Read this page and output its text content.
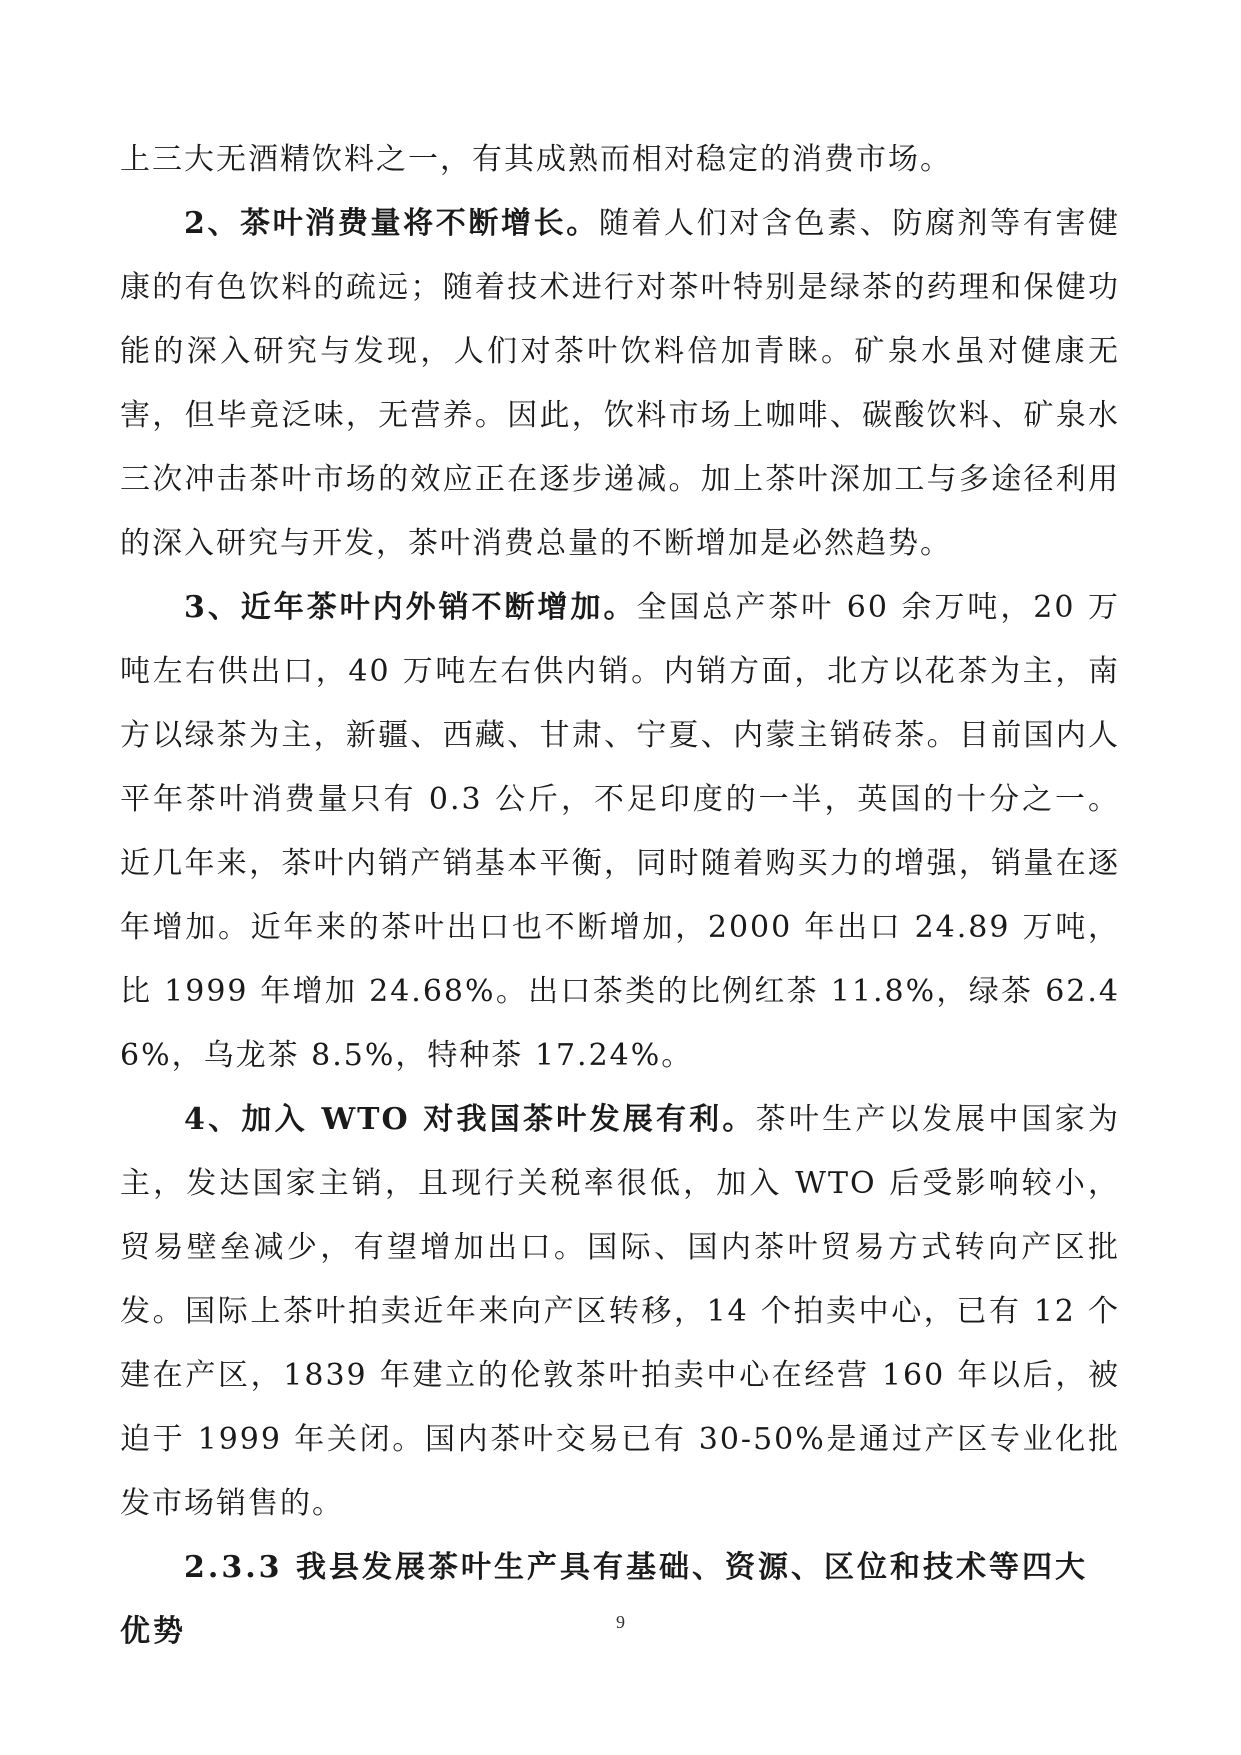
上三大无酒精饮料之一，有其成熟而相对稳定的消费市场。

2、茶叶消费量将不断增长。随着人们对含色素、防腐剂等有害健康的有色饮料的疏远；随着技术进行对茶叶特别是绿茶的药理和保健功能的深入研究与发现，人们对茶叶饮料倍加青睐。矿泉水虽对健康无害，但毕竟泛味，无营养。因此，饮料市场上咖啡、碳酸饮料、矿泉水三次冲击茶叶市场的效应正在逐步递减。加上茶叶深加工与多途径利用的深入研究与开发，茶叶消费总量的不断增加是必然趋势。

3、近年茶叶内外销不断增加。全国总产茶叶 60 余万吨，20 万吨左右供出口，40 万吨左右供内销。内销方面，北方以花茶为主，南方以绿茶为主，新疆、西藏、甘肃、宁夏、内蒙主销砖茶。目前国内人平年茶叶消费量只有 0.3 公斤，不足印度的一半，英国的十分之一。近几年来，茶叶内销产销基本平衡，同时随着购买力的增强，销量在逐年增加。近年来的茶叶出口也不断增加，2000 年出口 24.89 万吨，比 1999 年增加 24.68%。出口茶类的比例红茶 11.8%，绿茶 62.46%，乌龙茶 8.5%，特种茶 17.24%。

4、加入 WTO 对我国茶叶发展有利。茶叶生产以发展中国家为主，发达国家主销，且现行关税率很低，加入 WTO 后受影响较小，贸易壁垒减少，有望增加出口。国际、国内茶叶贸易方式转向产区批发。国际上茶叶拍卖近年来向产区转移，14 个拍卖中心，已有 12 个建在产区，1839 年建立的伦敦茶叶拍卖中心在经营 160 年以后，被迫于 1999 年关闭。国内茶叶交易已有 30-50%是通过产区专业化批发市场销售的。

2.3.3 我县发展茶叶生产具有基础、资源、区位和技术等四大优势	9
